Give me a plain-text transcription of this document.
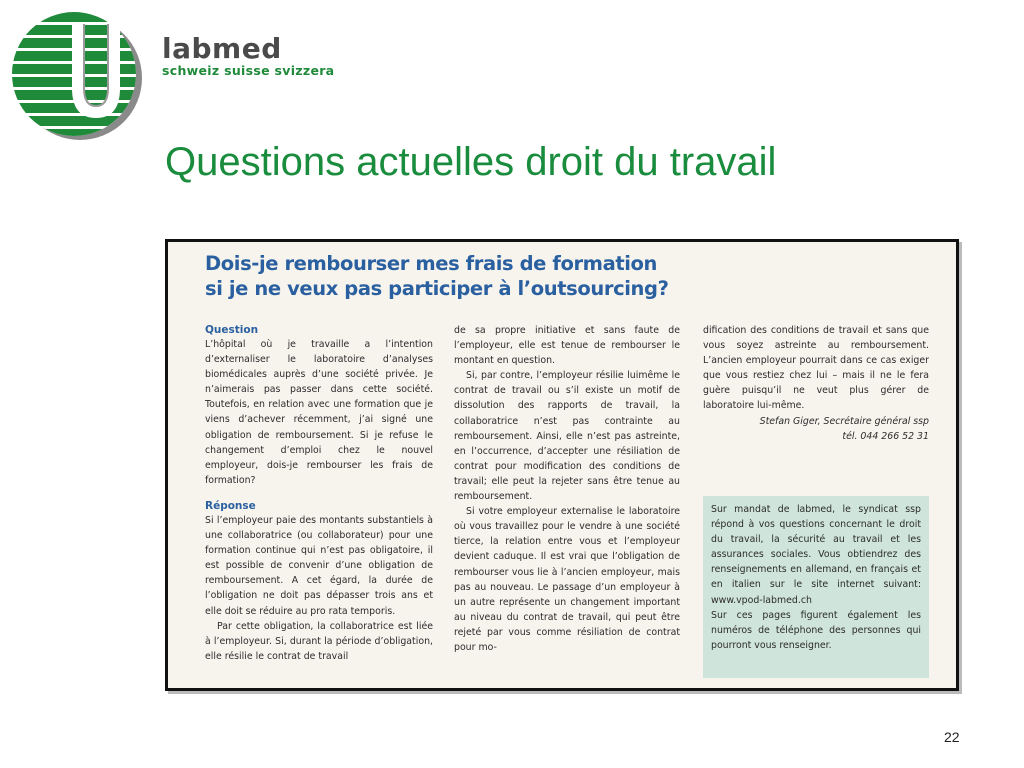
labmed
schweiz suisse svizzera
Questions actuelles droit du travail
Dois-je rembourser mes frais de formation
si je ne veux pas participer à l’outsourcing?

Question

L’hôpital où je travaille a l’intention d’externaliser le laboratoire d’analyses biomédicales auprès d’une société privée. Je n’aimerais pas passer dans cette société. Toutefois, en relation avec une formation que je viens d’achever récemment, j’ai signé une obligation de remboursement. Si je refuse le changement d’emploi chez le nouvel employeur, dois-je rembourser les frais de formation?

Réponse

Si l’employeur paie des montants substantiels à une collaboratrice (ou collaborateur) pour une formation continue qui n’est pas obligatoire, il est possible de convenir d’une obligation de remboursement. A cet égard, la durée de l’obligation ne doit pas dépasser trois ans et elle doit se réduire au pro rata temporis.

Par cette obligation, la collaboratrice est liée à l’employeur. Si, durant la période d’obligation, elle résilie le contrat de travail

de sa propre initiative et sans faute de l’employeur, elle est tenue de rembourser le montant en question.

Si, par contre, l’employeur résilie luimême le contrat de travail ou s’il existe un motif de dissolution des rapports de travail, la collaboratrice n’est pas contrainte au remboursement. Ainsi, elle n’est pas astreinte, en l’occurrence, d’accepter une résiliation de contrat pour modification des conditions de travail; elle peut la rejeter sans être tenue au remboursement.

Si votre employeur externalise le laboratoire où vous travaillez pour le vendre à une société tierce, la relation entre vous et l’employeur devient caduque. Il est vrai que l’obligation de rembourser vous lie à l’ancien employeur, mais pas au nouveau. Le passage d’un employeur à un autre représente un changement important au niveau du contrat de travail, qui peut être rejeté par vous comme résiliation de contrat pour mo-

dification des conditions de travail et sans que vous soyez astreinte au remboursement. L’ancien employeur pourrait dans ce cas exiger que vous restiez chez lui – mais il ne le fera guère puisqu’il ne veut plus gérer de laboratoire lui-même.

Stefan Giger, Secrétaire général ssp

tél. 044 266 52 31

Sur mandat de labmed, le syndicat ssp répond à vos questions concernant le droit du travail, la sécurité au travail et les assurances sociales. Vous obtiendrez des renseignements en allemand, en français et en italien sur le site internet suivant: www.vpod-labmed.ch

Sur ces pages figurent également les numéros de téléphone des personnes qui pourront vous renseigner.

22
